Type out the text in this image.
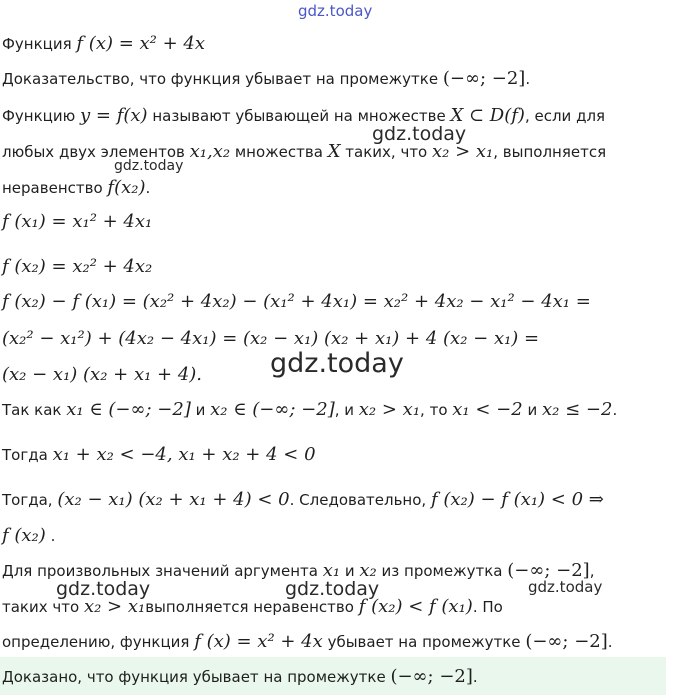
gdz.today
Функция f (x) = x² + 4x
Доказательство, что функция убывает на промежутке (−∞; −2].
Функцию y = f(x) называют убывающей на множестве X ⊂ D(f), если для
gdz.today
любых двух элементов x₁,x₂ множества X таких, что x₂ > x₁, выполняется
gdz.today
неравенство f(x₂).
f (x₁) = x₁² + 4x₁
f (x₂) = x₂² + 4x₂
f (x₂) − f (x₁) = (x₂² + 4x₂) − (x₁² + 4x₁) = x₂² + 4x₂ − x₁² − 4x₁ =
(x₂² − x₁²) + (4x₂ − 4x₁) = (x₂ − x₁) (x₂ + x₁) + 4 (x₂ − x₁) =
gdz.today
(x₂ − x₁) (x₂ + x₁ + 4).
Так как x₁ ∈ (−∞; −2] и x₂ ∈ (−∞; −2], и x₂ > x₁, то x₁ < −2 и x₂ ≤ −2.
Тогда x₁ + x₂ < −4, x₁ + x₂ + 4 < 0
Тогда, (x₂ − x₁) (x₂ + x₁ + 4) < 0. Следовательно, f (x₂) − f (x₁) < 0 ⇒
f (x₂) .
Для произвольных значений аргумента x₁ и x₂ из промежутка (−∞; −2],
gdz.today	gdz.today	gdz.today
таких что x₂ > x₁выполняется неравенство f (x₂) < f (x₁). По
определению, функция f (x) = x² + 4x убывает на промежутке (−∞; −2].
Доказано, что функция убывает на промежутке (−∞; −2].
